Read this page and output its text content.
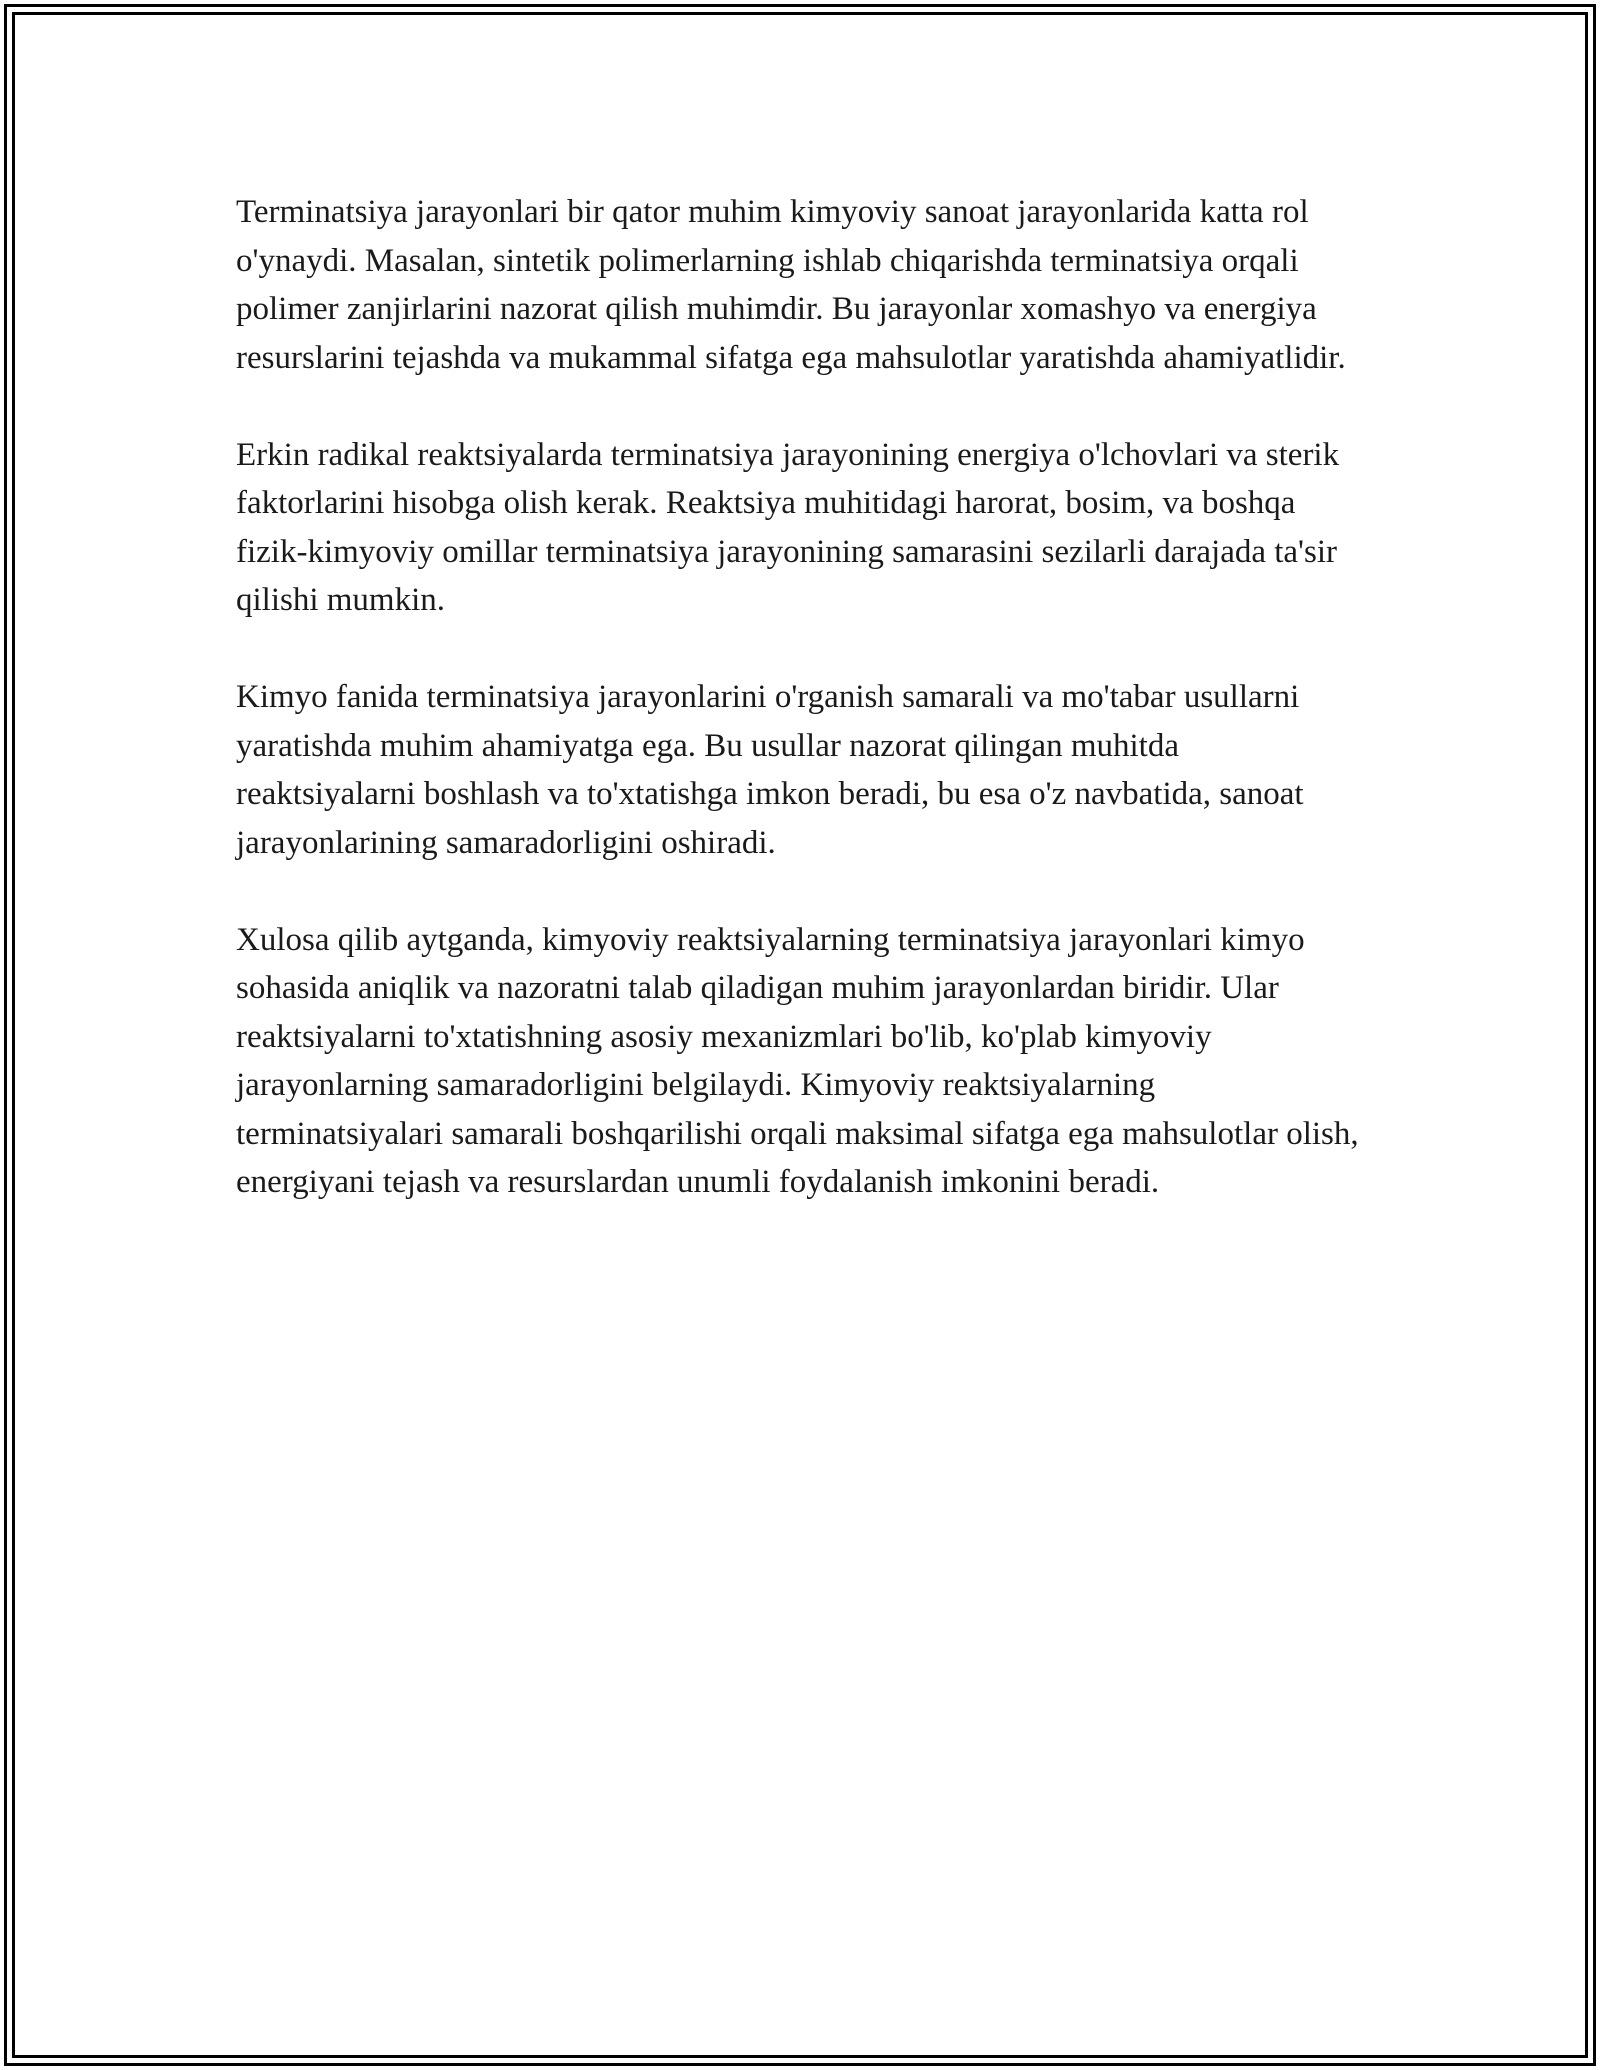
Terminatsiya jarayonlari bir qator muhim kimyoviy sanoat jarayonlarida katta rol o'ynaydi. Masalan, sintetik polimerlarning ishlab chiqarishda terminatsiya orqali polimer zanjirlarini nazorat qilish muhimdir. Bu jarayonlar xomashyo va energiya resurslarini tejashda va mukammal sifatga ega mahsulotlar yaratishda ahamiyatlidir.

Erkin radikal reaktsiyalarda terminatsiya jarayonining energiya o'lchovlari va sterik faktorlarini hisobga olish kerak. Reaktsiya muhitidagi harorat, bosim, va boshqa fizik-kimyoviy omillar terminatsiya jarayonining samarasini sezilarli darajada ta'sir qilishi mumkin.

Kimyo fanida terminatsiya jarayonlarini o'rganish samarali va mo'tabar usullarni yaratishda muhim ahamiyatga ega. Bu usullar nazorat qilingan muhitda reaktsiyalarni boshlash va to'xtatishga imkon beradi, bu esa o'z navbatida, sanoat jarayonlarining samaradorligini oshiradi.

Xulosa qilib aytganda, kimyoviy reaktsiyalarning terminatsiya jarayonlari kimyo sohasida aniqlik va nazoratni talab qiladigan muhim jarayonlardan biridir. Ular reaktsiyalarni to'xtatishning asosiy mexanizmlari bo'lib, ko'plab kimyoviy jarayonlarning samaradorligini belgilaydi. Kimyoviy reaktsiyalarning terminatsiyalari samarali boshqarilishi orqali maksimal sifatga ega mahsulotlar olish, energiyani tejash va resurslardan unumli foydalanish imkonini beradi.
